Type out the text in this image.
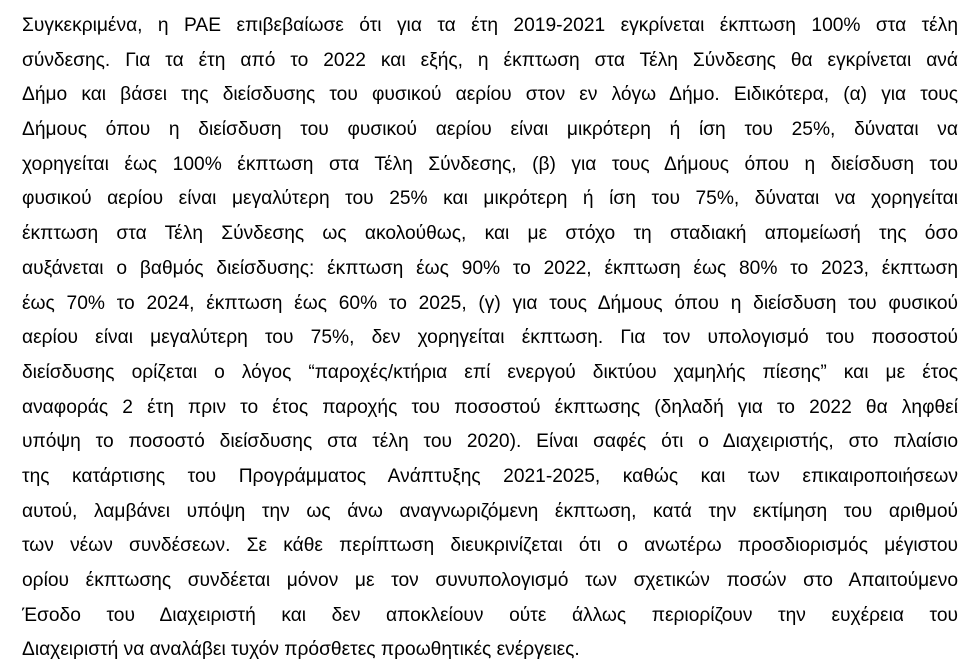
Συγκεκριμένα, η ΡΑΕ επιβεβαίωσε ότι για τα έτη 2019-2021 εγκρίνεται έκπτωση 100% στα τέλη
σύνδεσης. Για τα έτη από το 2022 και εξής, η έκπτωση στα Τέλη Σύνδεσης θα εγκρίνεται ανά
Δήμο και βάσει της διείσδυσης του φυσικού αερίου στον εν λόγω Δήμο. Ειδικότερα, (α) για τους
Δήμους όπου η διείσδυση του φυσικού αερίου είναι μικρότερη ή ίση του 25%, δύναται να
χορηγείται έως 100% έκπτωση στα Τέλη Σύνδεσης, (β) για τους Δήμους όπου η διείσδυση του
φυσικού αερίου είναι μεγαλύτερη του 25% και μικρότερη ή ίση του 75%, δύναται να χορηγείται
έκπτωση στα Τέλη Σύνδεσης ως ακολούθως, και με στόχο τη σταδιακή απομείωσή της όσο
αυξάνεται ο βαθμός διείσδυσης: έκπτωση έως 90% το 2022, έκπτωση έως 80% το 2023, έκπτωση
έως 70% το 2024, έκπτωση έως 60% το 2025, (γ) για τους Δήμους όπου η διείσδυση του φυσικού
αερίου είναι μεγαλύτερη του 75%, δεν χορηγείται έκπτωση. Για τον υπολογισμό του ποσοστού
διείσδυσης ορίζεται ο λόγος “παροχές/κτήρια επί ενεργού δικτύου χαμηλής πίεσης” και με έτος
αναφοράς 2 έτη πριν το έτος παροχής του ποσοστού έκπτωσης (δηλαδή για το 2022 θα ληφθεί
υπόψη το ποσοστό διείσδυσης στα τέλη του 2020). Είναι σαφές ότι ο Διαχειριστής, στο πλαίσιο
της κατάρτισης του Προγράμματος Ανάπτυξης 2021-2025, καθώς και των επικαιροποιήσεων
αυτού, λαμβάνει υπόψη την ως άνω αναγνωριζόμενη έκπτωση, κατά την εκτίμηση του αριθμού
των νέων συνδέσεων. Σε κάθε περίπτωση διευκρινίζεται ότι ο ανωτέρω προσδιορισμός μέγιστου
ορίου έκπτωσης συνδέεται μόνον με τον συνυπολογισμό των σχετικών ποσών στο Απαιτούμενο
Έσοδο του Διαχειριστή και δεν αποκλείουν ούτε άλλως περιορίζουν την ευχέρεια του
Διαχειριστή να αναλάβει τυχόν πρόσθετες προωθητικές ενέργειες.
